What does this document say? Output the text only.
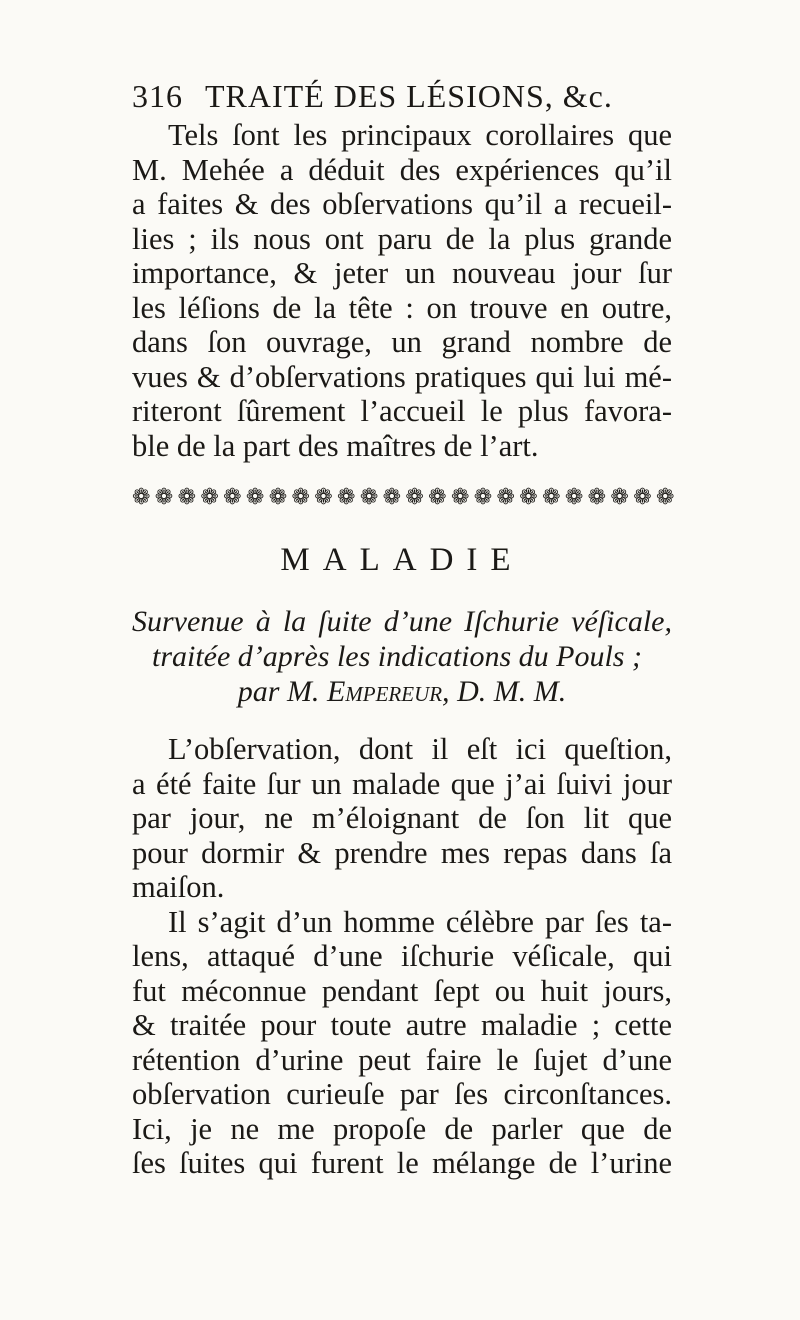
316 TRAITÉ DES LÉSIONS, &c.
Tels ſont les principaux corollaires que
M. Mehée a déduit des expériences qu’il
a faites & des obſervations qu’il a recueil-
lies ; ils nous ont paru de la plus grande
importance, & jeter un nouveau jour ſur
les léſions de la tête : on trouve en outre,
dans ſon ouvrage, un grand nombre de
vues & d’obſervations pratiques qui lui mé-
riteront ſûrement l’accueil le plus favora-
ble de la part des maîtres de l’art.
❁ ❁ ❁ ❁ ❁ ❁ ❁ ❁ ❁ ❁ ❁ ❁ ❁ ❁ ❁ ❁ ❁ ❁ ❁ ❁ ❁ ❁ ❁ ❁
MALADIE
Survenue à la ſuite d’une Iſchurie véſicale,
traitée d’après les indications du Pouls ;
par M. Empereur, D. M. M.
L’obſervation, dont il eſt ici queſtion,
a été faite ſur un malade que j’ai ſuivi jour
par jour, ne m’éloignant de ſon lit que
pour dormir & prendre mes repas dans ſa
maiſon.
Il s’agit d’un homme célèbre par ſes ta-
lens, attaqué d’une iſchurie véſicale, qui
fut méconnue pendant ſept ou huit jours,
& traitée pour toute autre maladie ; cette
rétention d’urine peut faire le ſujet d’une
obſervation curieuſe par ſes circonſtances.
Ici, je ne me propoſe de parler que de
ſes ſuites qui furent le mélange de l’urine
